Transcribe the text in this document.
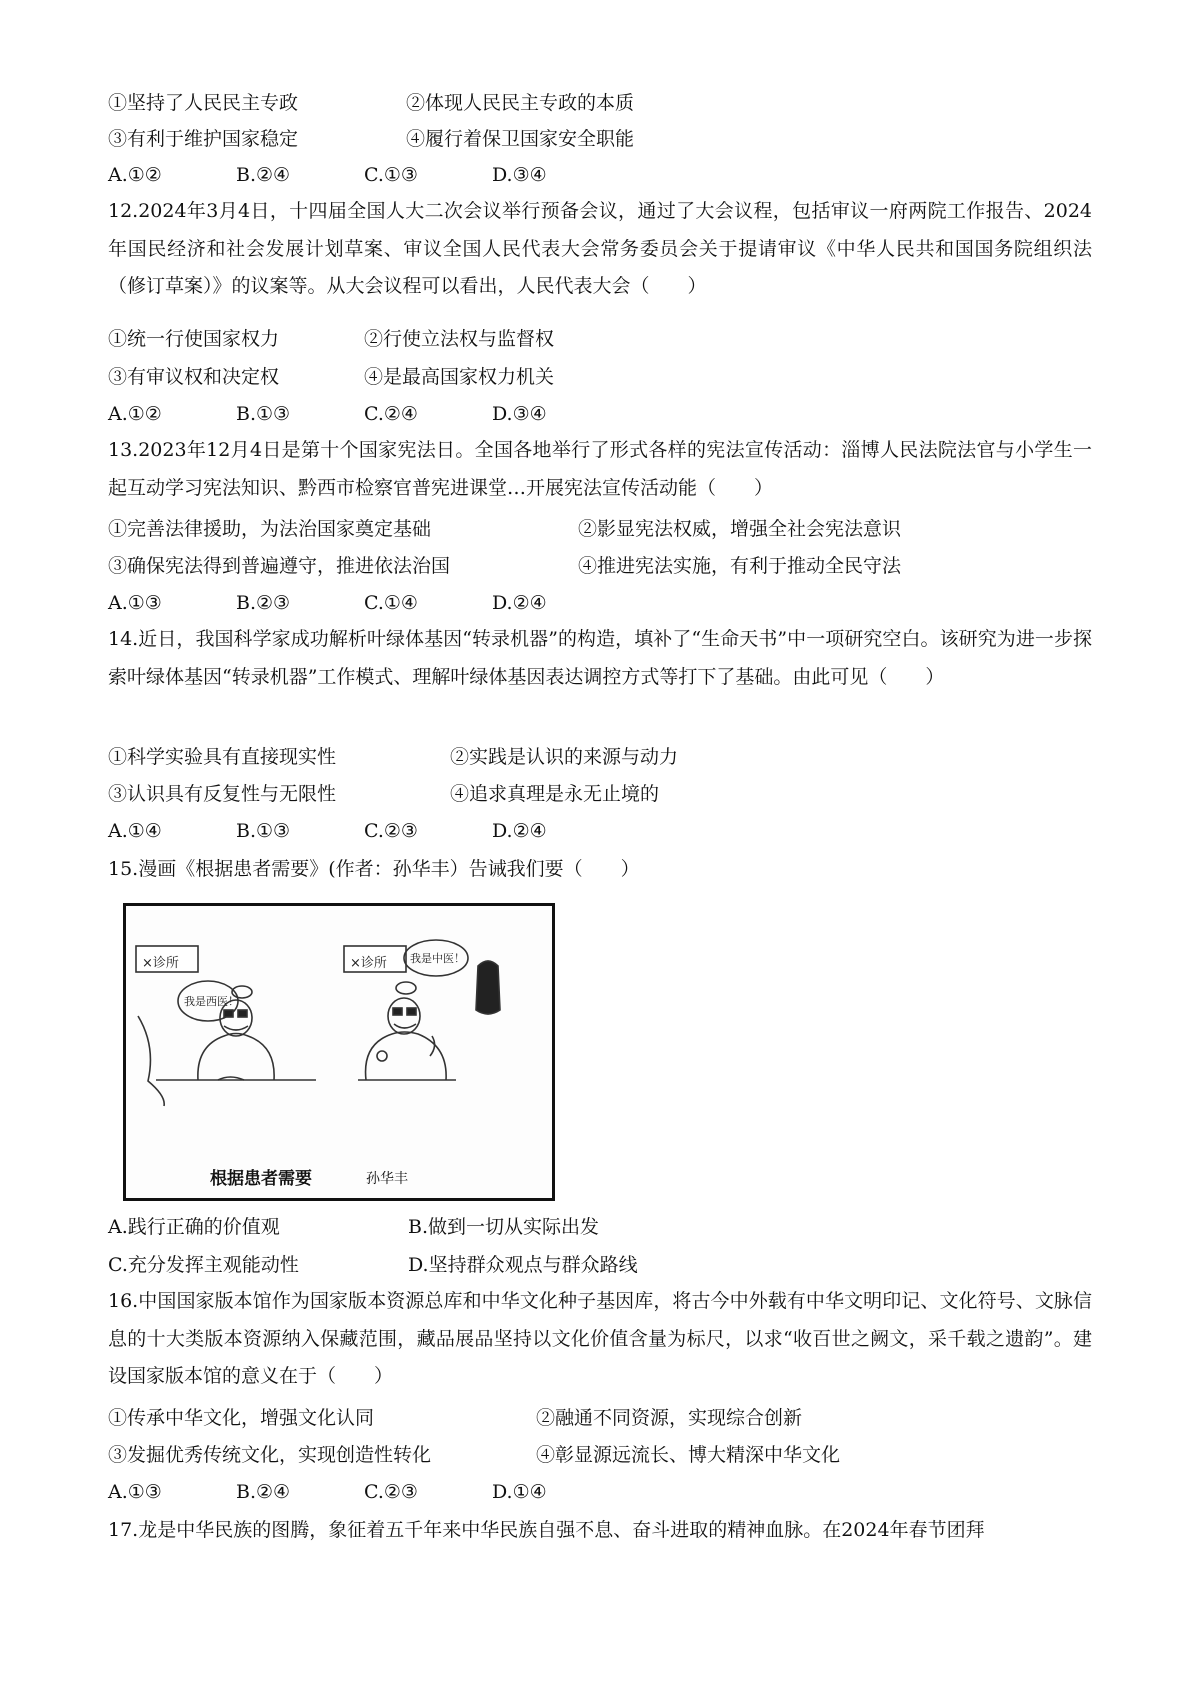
①坚持了人民民主专政	②体现人民民主专政的本质
③有利于维护国家稳定	④履行着保卫国家安全职能
A.①②	B.②④	C.①③	D.③④
12.2024年3月4日，十四届全国人大二次会议举行预备会议，通过了大会议程，包括审议一府两院工作报告、2024年国民经济和社会发展计划草案、审议全国人民代表大会常务委员会关于提请审议《中华人民共和国国务院组织法（修订草案）》的议案等。从大会议程可以看出，人民代表大会（　　）
①统一行使国家权力	②行使立法权与监督权
③有审议权和决定权	④是最高国家权力机关
A.①②	B.①③	C.②④	D.③④
13.2023年12月4日是第十个国家宪法日。全国各地举行了形式各样的宪法宣传活动：淄博人民法院法官与小学生一起互动学习宪法知识、黔西市检察官普宪进课堂…开展宪法宣传活动能（　　）
①完善法律援助，为法治国家奠定基础	②影显宪法权威，增强全社会宪法意识
③确保宪法得到普遍遵守，推进依法治国	④推进宪法实施，有利于推动全民守法
A.①③	B.②③	C.①④	D.②④
14.近日，我国科学家成功解析叶绿体基因“转录机器”的构造，填补了“生命天书”中一项研究空白。该研究为进一步探索叶绿体基因“转录机器”工作模式、理解叶绿体基因表达调控方式等打下了基础。由此可见（　　）
①科学实验具有直接现实性	②实践是认识的来源与动力
③认识具有反复性与无限性	④追求真理是永无止境的
A.①④	B.①③	C.②③	D.②④
15.漫画《根据患者需要》(作者：孙华丰）告诫我们要（　　）
×诊所	×诊所
我是西医！
我是中医！
根据患者需要	孙华丰
A.践行正确的价值观	B.做到一切从实际出发
C.充分发挥主观能动性	D.坚持群众观点与群众路线
16.中国国家版本馆作为国家版本资源总库和中华文化种子基因库，将古今中外载有中华文明印记、文化符号、文脉信息的十大类版本资源纳入保藏范围，藏品展品坚持以文化价值含量为标尺，以求“收百世之阙文，采千载之遗韵”。建设国家版本馆的意义在于（　　）
①传承中华文化，增强文化认同	②融通不同资源，实现综合创新
③发掘优秀传统文化，实现创造性转化	④彰显源远流长、博大精深中华文化
A.①③	B.②④	C.②③	D.①④
17.龙是中华民族的图腾，象征着五千年来中华民族自强不息、奋斗进取的精神血脉。在2024年春节团拜
